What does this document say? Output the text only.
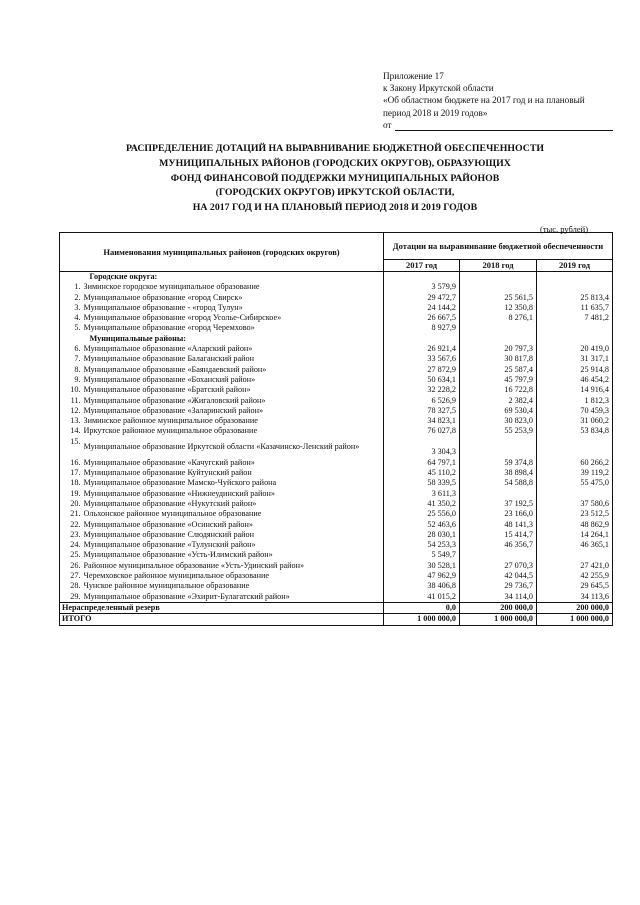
Приложение 17
к Закону Иркутской области
«Об областном бюджете на 2017 год и на плановый
период 2018 и 2019 годов»
от
РАСПРЕДЕЛЕНИЕ ДОТАЦИЙ НА ВЫРАВНИВАНИЕ БЮДЖЕТНОЙ ОБЕСПЕЧЕННОСТИ
МУНИЦИПАЛЬНЫХ РАЙОНОВ (ГОРОДСКИХ ОКРУГОВ), ОБРАЗУЮЩИХ
ФОНД ФИНАНСОВОЙ ПОДДЕРЖКИ МУНИЦИПАЛЬНЫХ РАЙОНОВ
(ГОРОДСКИХ ОКРУГОВ) ИРКУТСКОЙ ОБЛАСТИ,
НА 2017 ГОД И НА ПЛАНОВЫЙ ПЕРИОД 2018 И 2019 ГОДОВ
(тыс. рублей)
Наименования муниципальных районов (городских округов)		Дотации на выравнивание бюджетной обеспеченности		
		2017 год	2018 год	2019 год
	Городские округа:			
1.	Зиминское городское муниципальное образование	3 579,9		
2.	Муниципальное образование «город Свирск»	29 472,7	25 561,5	25 813,4
3.	Муниципальное образование - «город Тулун»	24 144,2	12 350,8	11 635,7
4.	Муниципальное образование «город Усолье-Сибирское»	26 667,5	8 276,1	7 481,2
5.	Муниципальное образование «город Черемхово»	8 927,9		
	Муниципальные районы:			
6.	Муниципальное образование «Аларский район»	26 921,4	20 797,3	20 419,0
7.	Муниципальное образование Балаганский район	33 567,6	30 817,8	31 317,1
8.	Муниципальное образование «Баяндаевский район»	27 872,9	25 587,4	25 914,8
9.	Муниципальное образование «Боханский район»	50 634,1	45 797,9	46 454,2
10.	Муниципальное образование «Братский район»	32 228,2	16 722,8	14 916,4
11.	Муниципальное образование «Жигаловский район»	6 526,9	2 382,4	1 812,3
12.	Муниципальное образование «Заларинский район»	78 327,5	69 530,4	70 459,3
13.	Зиминское районное муниципальное образование	34 823,1	30 823,0	31 060,2
14.	Иркутское районное муниципальное образование	76 027,8	55 253,9	53 834,8
15.	Муниципальное образование Иркутской области «Казачинско-Ленский район»	3 304,3		
16.	Муниципальное образование «Качугский район»	64 797,1	59 374,8	60 266,2
17.	Муниципальное образование Куйтунский район	45 110,2	38 898,4	39 119,2
18.	Муниципальное образование Мамско-Чуйского района	58 339,5	54 588,8	55 475,0
19.	Муниципальное образование «Нижнеудинский район»	3 611,3		
20.	Муниципальное образование «Нукутский район»	41 350,2	37 192,5	37 580,6
21.	Ольхонское районное муниципальное образование	25 556,0	23 166,0	23 512,5
22.	Муниципальное образование «Осинский район»	52 463,6	48 141,3	48 862,9
23.	Муниципальное образование Слюдянский район	28 030,1	15 414,7	14 264,1
24.	Муниципальное образование «Тулунский район»	54 253,3	46 356,7	46 365,1
25.	Муниципальное образование «Усть-Илимский район»	5 549,7		
26.	Районное муниципальное образование «Усть-Удинский район»	30 528,1	27 070,3	27 421,0
27.	Черемховское районное муниципальное образование	47 962,9	42 044,5	42 255,9
28.	Чунское районное муниципальное образование	38 406,8	29 736,7	29 645,5
29.	Муниципальное образование «Эхирит-Булагатский район»	41 015,2	34 114,0	34 113,6
Нераспределенный резерв		0,0	200 000,0	200 000,0
ИТОГО		1 000 000,0	1 000 000,0	1 000 000,0
